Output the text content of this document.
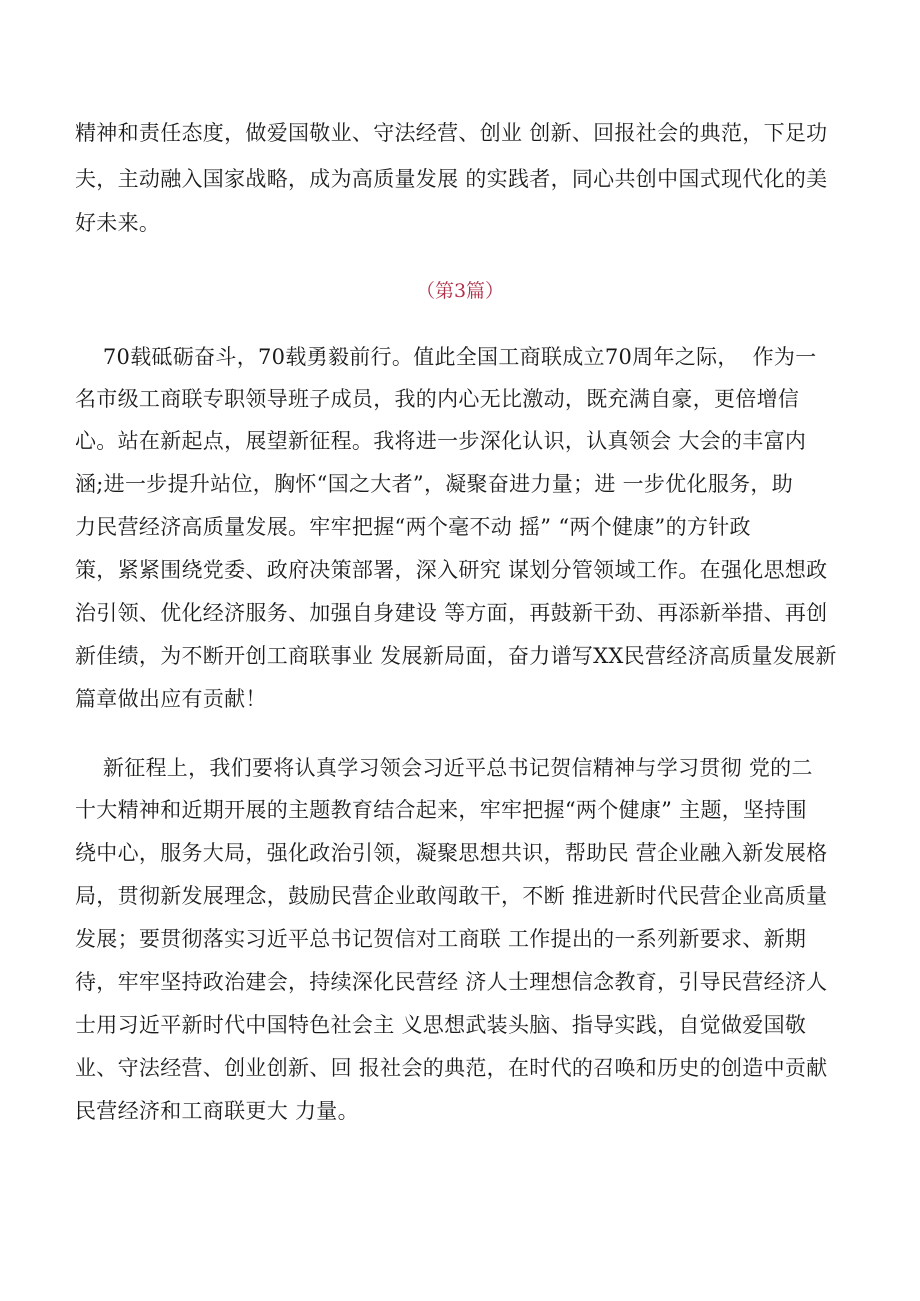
精神和责任态度，做爱国敬业、守法经营、创业 创新、回报社会的典范，下足功
夫，主动融入国家战略，成为高质量发展 的实践者，同心共创中国式现代化的美
好未来。
（第3篇）
70载砥砺奋斗，70载勇毅前行。值此全国工商联成立70周年之际，  作为一
名市级工商联专职领导班子成员，我的内心无比激动，既充满自豪，更倍增信
心。站在新起点，展望新征程。我将进一步深化认识，认真领会 大会的丰富内
涵;进一步提升站位，胸怀“国之大者”，凝聚奋进力量；进 一步优化服务，助
力民营经济高质量发展。牢牢把握“两个毫不动 摇” “两个健康”的方针政
策，紧紧围绕党委、政府决策部署，深入研究 谋划分管领域工作。在强化思想政
治引领、优化经济服务、加强自身建设 等方面，再鼓新干劲、再添新举措、再创
新佳绩，为不断开创工商联事业 发展新局面，奋力谱写XX民营经济高质量发展新
篇章做出应有贡献！
新征程上，我们要将认真学习领会习近平总书记贺信精神与学习贯彻 党的二
十大精神和近期开展的主题教育结合起来，牢牢把握“两个健康” 主题，坚持围
绕中心，服务大局，强化政治引领，凝聚思想共识，帮助民 营企业融入新发展格
局，贯彻新发展理念，鼓励民营企业敢闯敢干，不断 推进新时代民营企业高质量
发展；要贯彻落实习近平总书记贺信对工商联 工作提出的一系列新要求、新期
待，牢牢坚持政治建会，持续深化民营经 济人士理想信念教育，引导民营经济人
士用习近平新时代中国特色社会主 义思想武装头脑、指导实践，自觉做爱国敬
业、守法经营、创业创新、回 报社会的典范，在时代的召唤和历史的创造中贡献
民营经济和工商联更大 力量。
